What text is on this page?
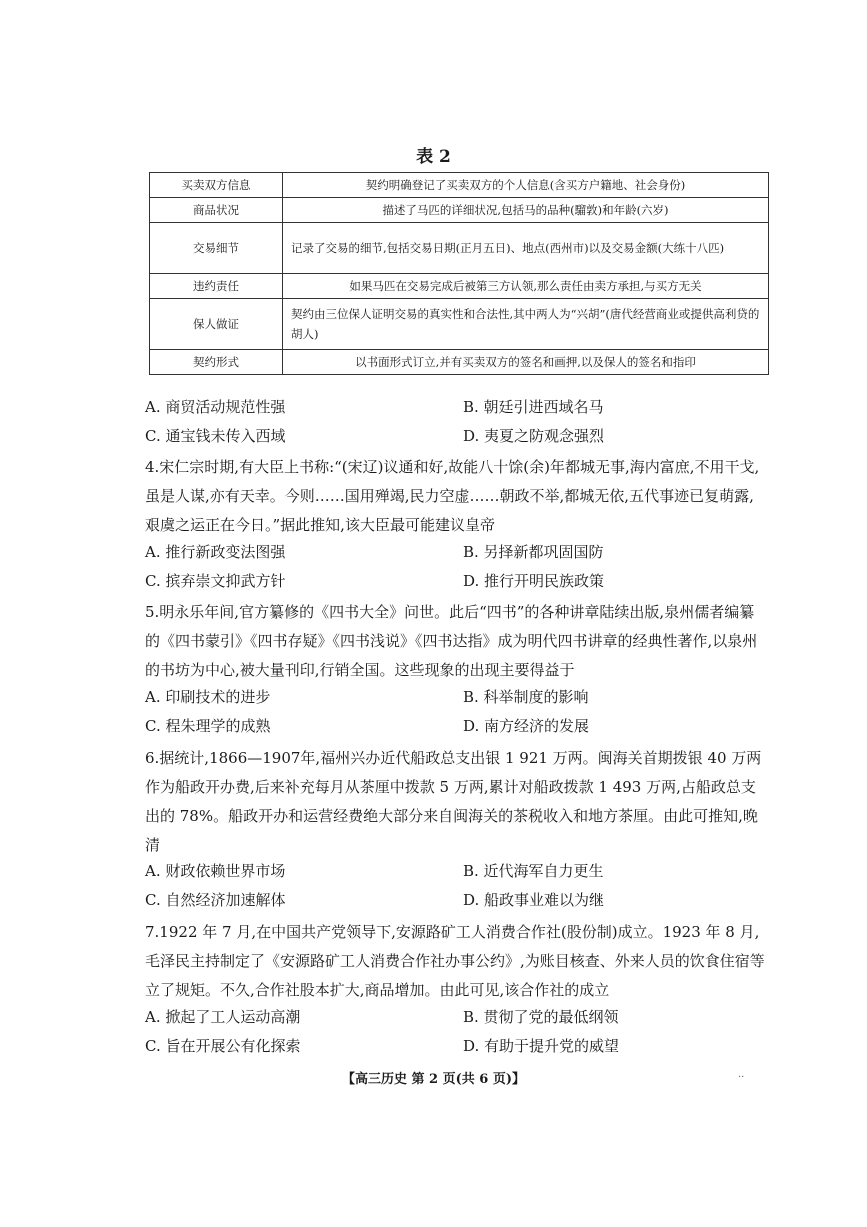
表 2
买卖双方信息	契约明确登记了买卖双方的个人信息(含买方户籍地、社会身份)
商品状况	描述了马匹的详细状况,包括马的品种(騮敦)和年龄(六岁)
交易细节	记录了交易的细节,包括交易日期(正月五日)、地点(西州市)以及交易金额(大练十八匹)
违约责任	如果马匹在交易完成后被第三方认领,那么责任由卖方承担,与买方无关
保人做证	契约由三位保人证明交易的真实性和合法性,其中两人为“兴胡”(唐代经营商业或提供高利贷的胡人)
契约形式	以书面形式订立,并有买卖双方的签名和画押,以及保人的签名和指印
A. 商贸活动规范性强	B. 朝廷引进西域名马
C. 通宝钱未传入西域	D. 夷夏之防观念强烈
4.宋仁宗时期,有大臣上书称:“(宋辽)议通和好,故能八十馀(余)年都城无事,海内富庶,不用干戈,虽是人谋,亦有天幸。今则……国用殚竭,民力空虚……朝政不举,都城无依,五代事迹已复萌露,艰虞之运正在今日。”据此推知,该大臣最可能建议皇帝
A. 推行新政变法图强	B. 另择新都巩固国防
C. 摈弃崇文抑武方针	D. 推行开明民族政策
5.明永乐年间,官方纂修的《四书大全》问世。此后“四书”的各种讲章陆续出版,泉州儒者编纂的《四书蒙引》《四书存疑》《四书浅说》《四书达指》成为明代四书讲章的经典性著作,以泉州的书坊为中心,被大量刊印,行销全国。这些现象的出现主要得益于
A. 印刷技术的进步	B. 科举制度的影响
C. 程朱理学的成熟	D. 南方经济的发展
6.据统计,1866—1907年,福州兴办近代船政总支出银 1 921 万两。闽海关首期拨银 40 万两作为船政开办费,后来补充每月从茶厘中拨款 5 万两,累计对船政拨款 1 493 万两,占船政总支出的 78%。船政开办和运营经费绝大部分来自闽海关的茶税收入和地方茶厘。由此可推知,晚清
A. 财政依赖世界市场	B. 近代海军自力更生
C. 自然经济加速解体	D. 船政事业难以为继
7.1922 年 7 月,在中国共产党领导下,安源路矿工人消费合作社(股份制)成立。1923 年 8 月,毛泽民主持制定了《安源路矿工人消费合作社办事公约》,为账目核查、外来人员的饮食住宿等立了规矩。不久,合作社股本扩大,商品增加。由此可见,该合作社的成立
A. 掀起了工人运动高潮	B. 贯彻了党的最低纲领
C. 旨在开展公有化探索	D. 有助于提升党的威望
【高三历史 第 2 页(共 6 页)】	··
